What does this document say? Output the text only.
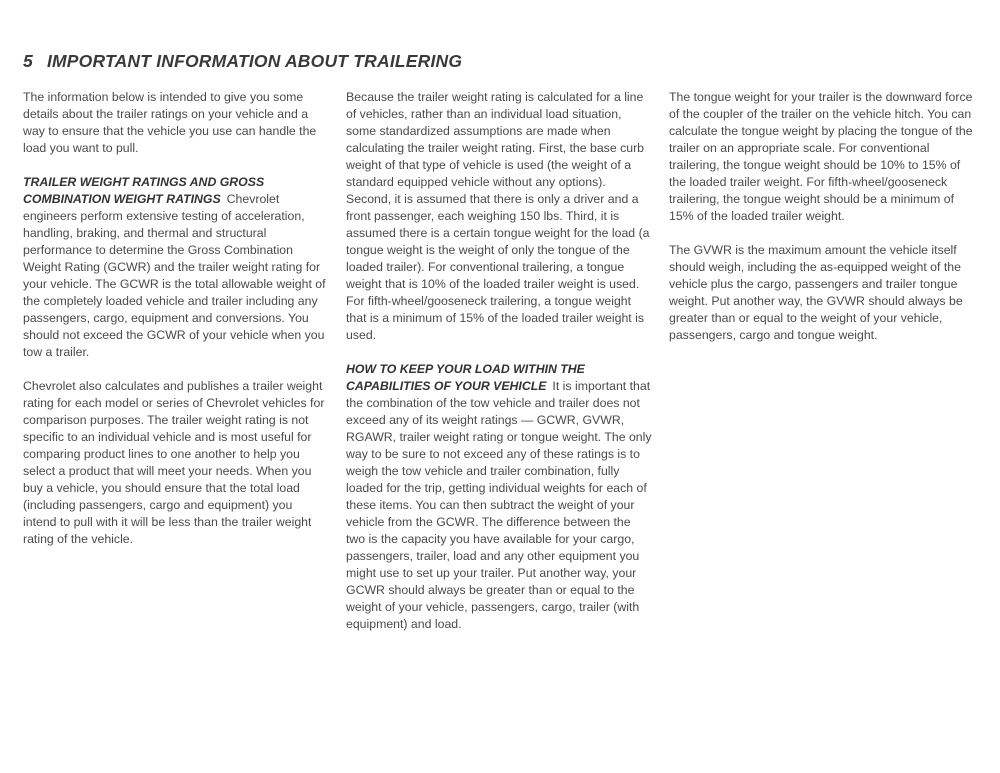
5 IMPORTANT INFORMATION ABOUT TRAILERING

The information below is intended to give you some details about the trailer ratings on your vehicle and a way to ensure that the vehicle you use can handle the load you want to pull.

TRAILER WEIGHT RATINGS AND GROSS COMBINATION WEIGHT RATINGS Chevrolet engineers perform extensive testing of acceleration, handling, braking, and thermal and structural performance to determine the Gross Combination Weight Rating (GCWR) and the trailer weight rating for your vehicle. The GCWR is the total allowable weight of the completely loaded vehicle and trailer including any passengers, cargo, equipment and conversions. You should not exceed the GCWR of your vehicle when you tow a trailer.

Chevrolet also calculates and publishes a trailer weight rating for each model or series of Chevrolet vehicles for comparison purposes. The trailer weight rating is not specific to an individual vehicle and is most useful for comparing product lines to one another to help you select a product that will meet your needs. When you buy a vehicle, you should ensure that the total load (including passengers, cargo and equipment) you intend to pull with it will be less than the trailer weight rating of the vehicle.

Because the trailer weight rating is calculated for a line of vehicles, rather than an individual load situation, some standardized assumptions are made when calculating the trailer weight rating. First, the base curb weight of that type of vehicle is used (the weight of a standard equipped vehicle without any options). Second, it is assumed that there is only a driver and a front passenger, each weighing 150 lbs. Third, it is assumed there is a certain tongue weight for the load (a tongue weight is the weight of only the tongue of the loaded trailer). For conventional trailering, a tongue weight that is 10% of the loaded trailer weight is used. For fifth-wheel/gooseneck trailering, a tongue weight that is a minimum of 15% of the loaded trailer weight is used.

HOW TO KEEP YOUR LOAD WITHIN THE CAPABILITIES OF YOUR VEHICLE It is important that the combination of the tow vehicle and trailer does not exceed any of its weight ratings — GCWR, GVWR, RGAWR, trailer weight rating or tongue weight. The only way to be sure to not exceed any of these ratings is to weigh the tow vehicle and trailer combination, fully loaded for the trip, getting individual weights for each of these items. You can then subtract the weight of your vehicle from the GCWR. The difference between the two is the capacity you have available for your cargo, passengers, trailer, load and any other equipment you might use to set up your trailer. Put another way, your GCWR should always be greater than or equal to the weight of your vehicle, passengers, cargo, trailer (with equipment) and load.

The tongue weight for your trailer is the downward force of the coupler of the trailer on the vehicle hitch. You can calculate the tongue weight by placing the tongue of the trailer on an appropriate scale. For conventional trailering, the tongue weight should be 10% to 15% of the loaded trailer weight. For fifth-wheel/gooseneck trailering, the tongue weight should be a minimum of 15% of the loaded trailer weight.

The GVWR is the maximum amount the vehicle itself should weigh, including the as-equipped weight of the vehicle plus the cargo, passengers and trailer tongue weight. Put another way, the GVWR should always be greater than or equal to the weight of your vehicle, passengers, cargo and tongue weight.
